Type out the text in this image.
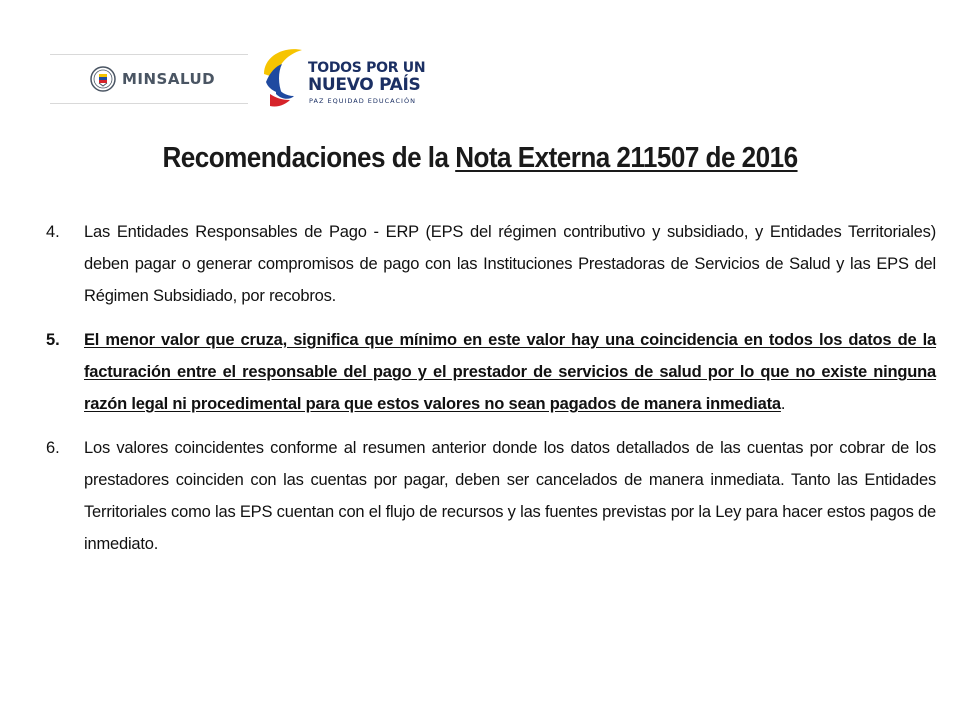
MINSALUD
TODOS POR UN
NUEVO PAÍS
PAZ EQUIDAD EDUCACIÓN
Recomendaciones de la Nota Externa 211507 de 2016
4.	Las Entidades Responsables de Pago - ERP (EPS del régimen contributivo y subsidiado, y Entidades Territoriales) deben pagar o generar compromisos de pago con las Instituciones Prestadoras de Servicios de Salud y las EPS del Régimen Subsidiado, por recobros.
5.	El menor valor que cruza, significa que mínimo en este valor hay una coincidencia en todos los datos de la facturación entre el responsable del pago y el prestador de servicios de salud por lo que no existe ninguna razón legal ni procedimental para que estos valores no sean pagados de manera inmediata.
6.	Los valores coincidentes conforme al resumen anterior donde los datos detallados de las cuentas por cobrar de los prestadores coinciden con las cuentas por pagar, deben ser cancelados de manera inmediata. Tanto las Entidades Territoriales como las EPS cuentan con el flujo de recursos y las fuentes previstas por la Ley para hacer estos pagos de inmediato.
